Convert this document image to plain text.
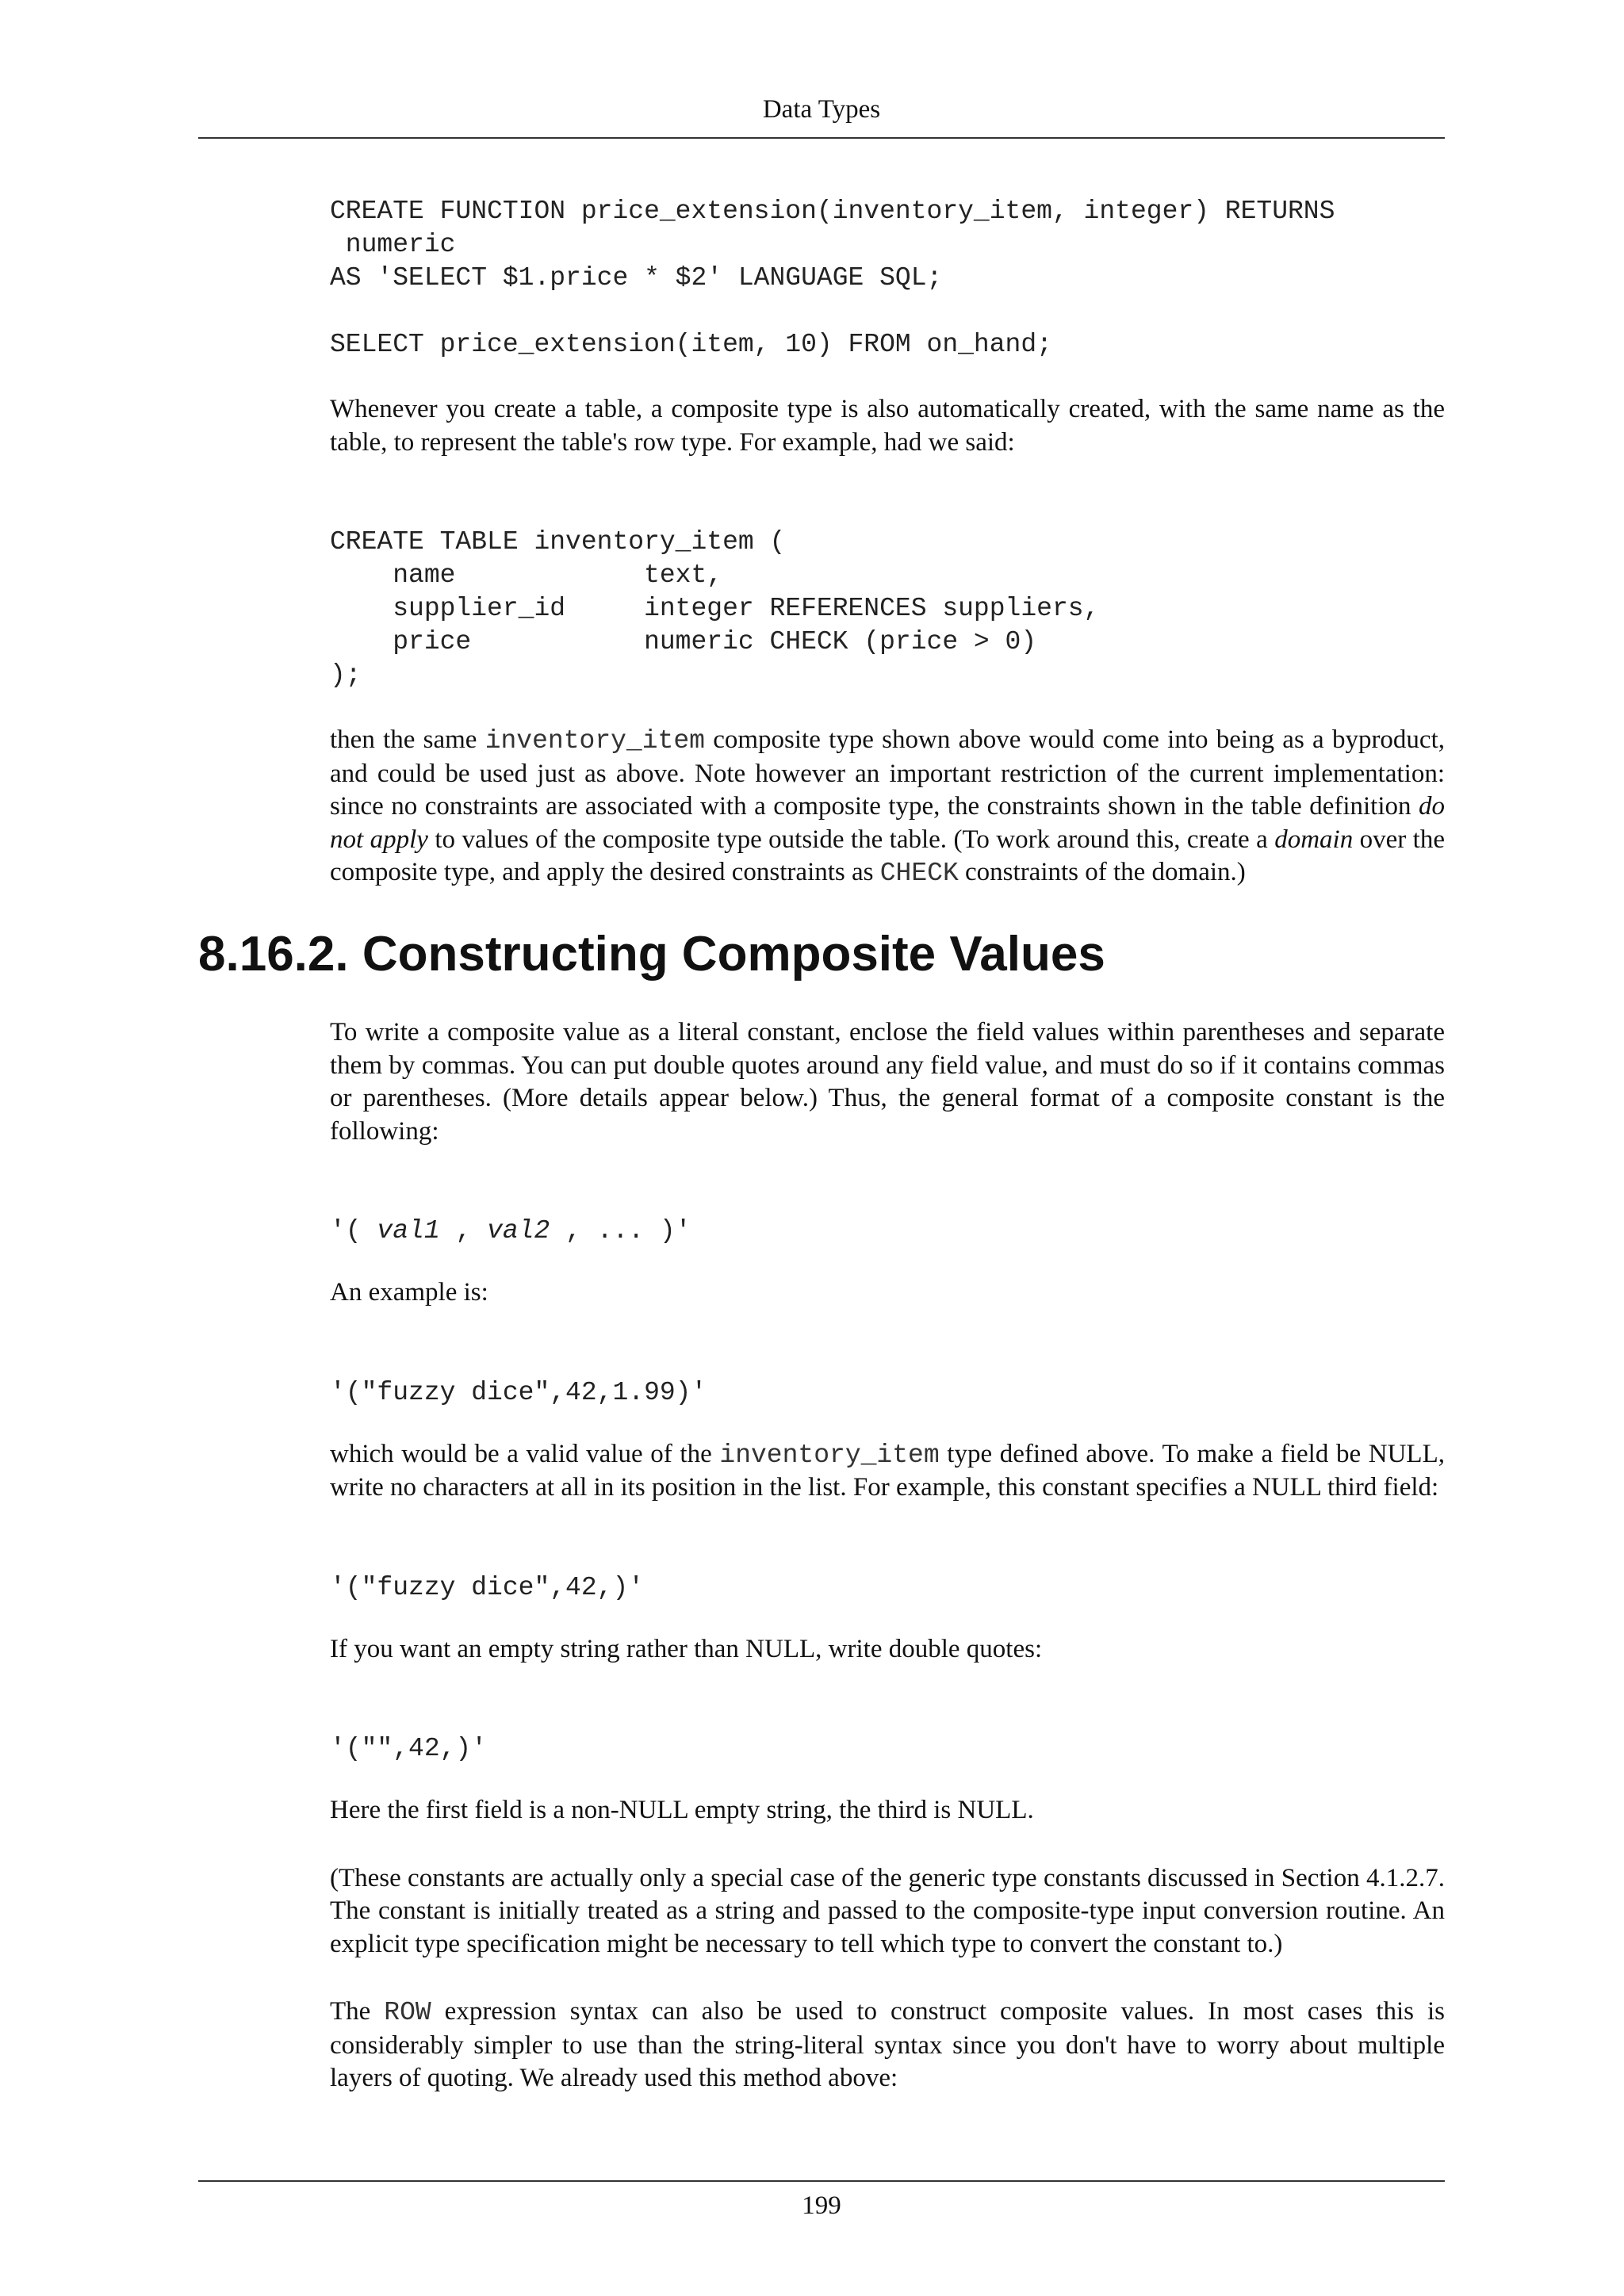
Data Types
CREATE FUNCTION price_extension(inventory_item, integer) RETURNS
numeric
AS 'SELECT $1.price * $2' LANGUAGE SQL;

SELECT price_extension(item, 10) FROM on_hand;

Whenever you create a table, a composite type is also automatically created, with the same name as the table, to represent the table's row type. For example, had we said:

CREATE TABLE inventory_item (
name            text,
supplier_id     integer REFERENCES suppliers,
price           numeric CHECK (price > 0)
);

then the same inventory_item composite type shown above would come into being as a byproduct, and could be used just as above. Note however an important restriction of the current implementation: since no constraints are associated with a composite type, the constraints shown in the table definition do not apply to values of the composite type outside the table. (To work around this, create a domain over the composite type, and apply the desired constraints as CHECK constraints of the domain.)

8.16.2. Constructing Composite Values

To write a composite value as a literal constant, enclose the field values within parentheses and separate them by commas. You can put double quotes around any field value, and must do so if it contains commas or parentheses. (More details appear below.) Thus, the general format of a composite constant is the following:

'( val1 , val2 , ... )'

An example is:

'("fuzzy dice",42,1.99)'

which would be a valid value of the inventory_item type defined above. To make a field be NULL, write no characters at all in its position in the list. For example, this constant specifies a NULL third field:

'("fuzzy dice",42,)'

If you want an empty string rather than NULL, write double quotes:

'("",42,)'

Here the first field is a non-NULL empty string, the third is NULL.

(These constants are actually only a special case of the generic type constants discussed in Section 4.1.2.7. The constant is initially treated as a string and passed to the composite-type input conversion routine. An explicit type specification might be necessary to tell which type to convert the constant to.)

The ROW expression syntax can also be used to construct composite values. In most cases this is considerably simpler to use than the string-literal syntax since you don't have to worry about multiple layers of quoting. We already used this method above:

199
